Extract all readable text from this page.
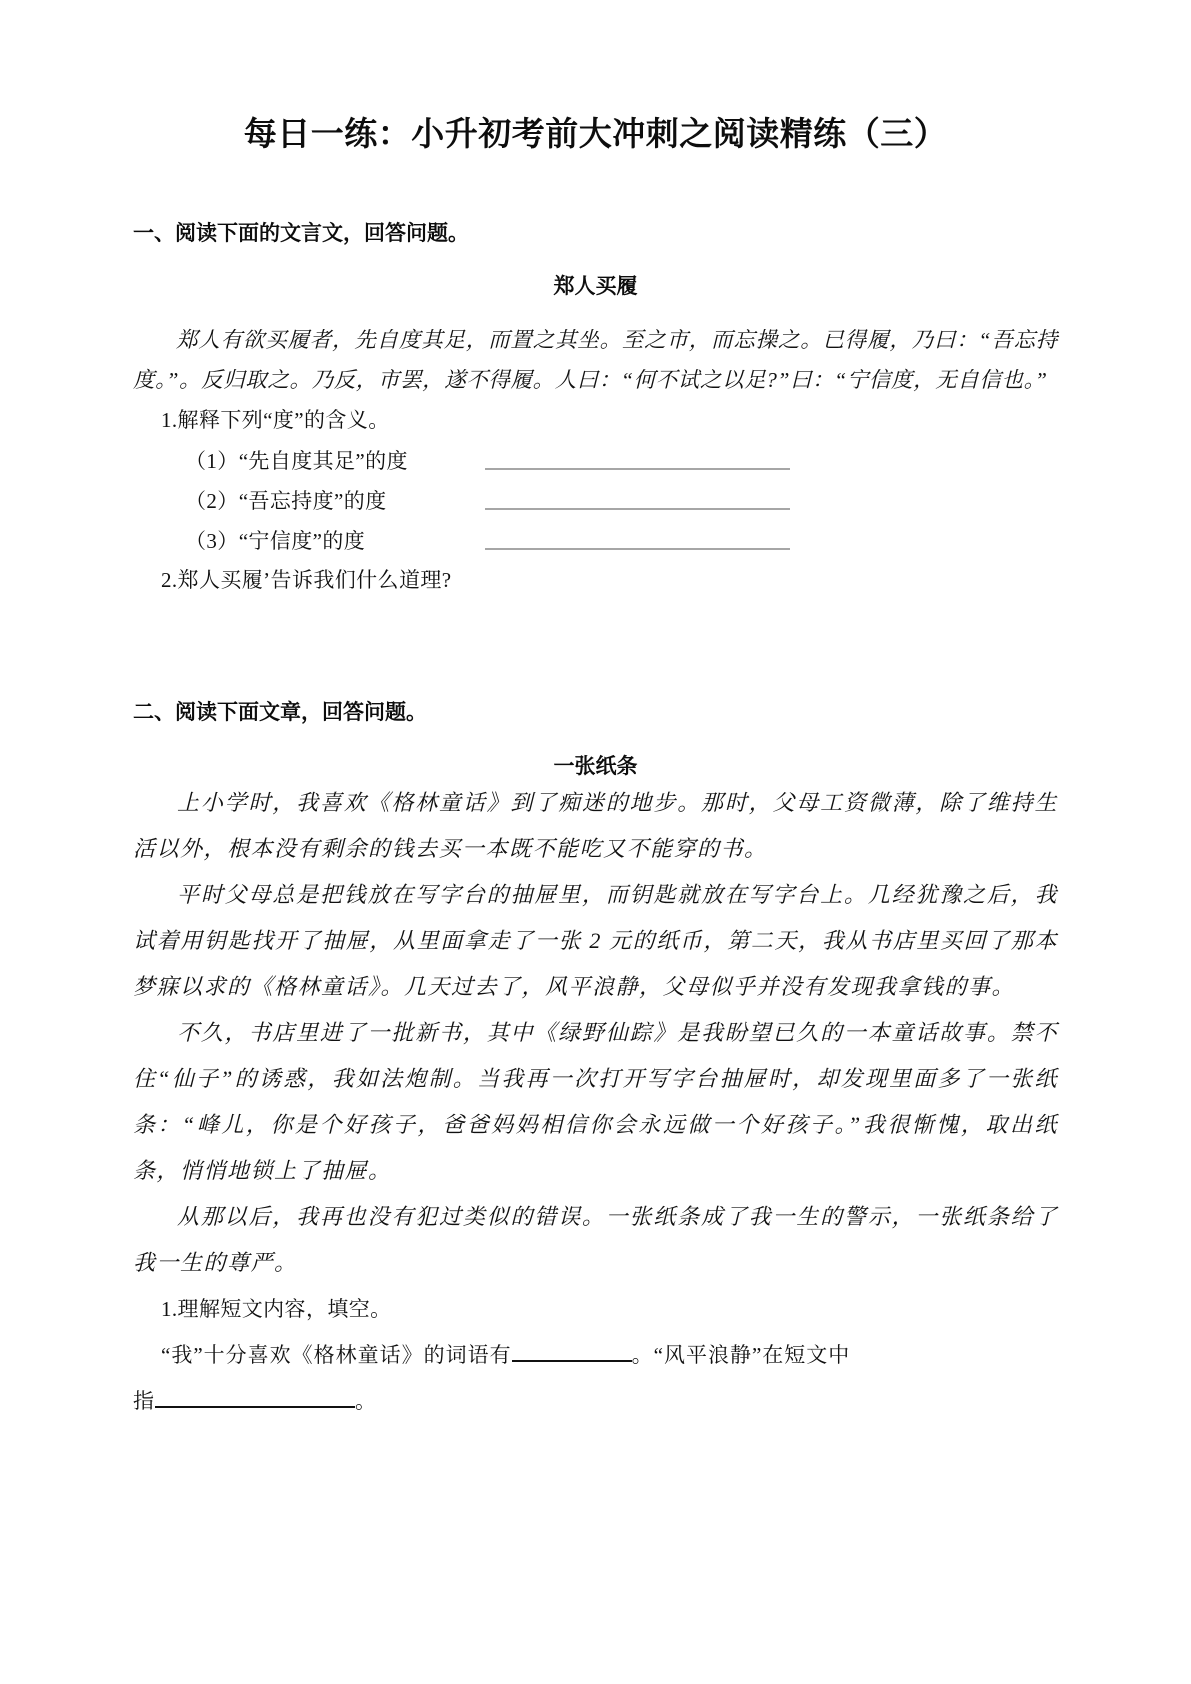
每日一练：小升初考前大冲刺之阅读精练（三）
一、阅读下面的文言文，回答问题。
郑人买履

郑人有欲买履者，先自度其足，而置之其坐。至之市，而忘操之。已得履，乃曰：“吾忘持度。”。反归取之。乃反，市罢，遂不得履。人曰：“何不试之以足?”曰：“宁信度，无自信也。”

1.解释下列“度”的含义。

（1）“先自度其足”的度
（2）“吾忘持度”的度
（3）“宁信度”的度

2.郑人买履’告诉我们什么道理?

二、阅读下面文章，回答问题。
一张纸条

上小学时，我喜欢《格林童话》到了痴迷的地步。那时，父母工资微薄，除了维持生活以外，根本没有剩余的钱去买一本既不能吃又不能穿的书。

平时父母总是把钱放在写字台的抽屉里，而钥匙就放在写字台上。几经犹豫之后，我试着用钥匙找开了抽屉，从里面拿走了一张 2 元的纸币，第二天，我从书店里买回了那本梦寐以求的《格林童话》。几天过去了，风平浪静，父母似乎并没有发现我拿钱的事。

不久，书店里进了一批新书，其中《绿野仙踪》是我盼望已久的一本童话故事。禁不住“仙子”的诱惑，我如法炮制。当我再一次打开写字台抽屉时，却发现里面多了一张纸条：“峰儿，你是个好孩子，爸爸妈妈相信你会永远做一个好孩子。”我很惭愧，取出纸条，悄悄地锁上了抽屉。

从那以后，我再也没有犯过类似的错误。一张纸条成了我一生的警示，一张纸条给了我一生的尊严。

1.理解短文内容，填空。

“我”十分喜欢《格林童话》的词语有	。“风平浪静”在短文中

指	。
